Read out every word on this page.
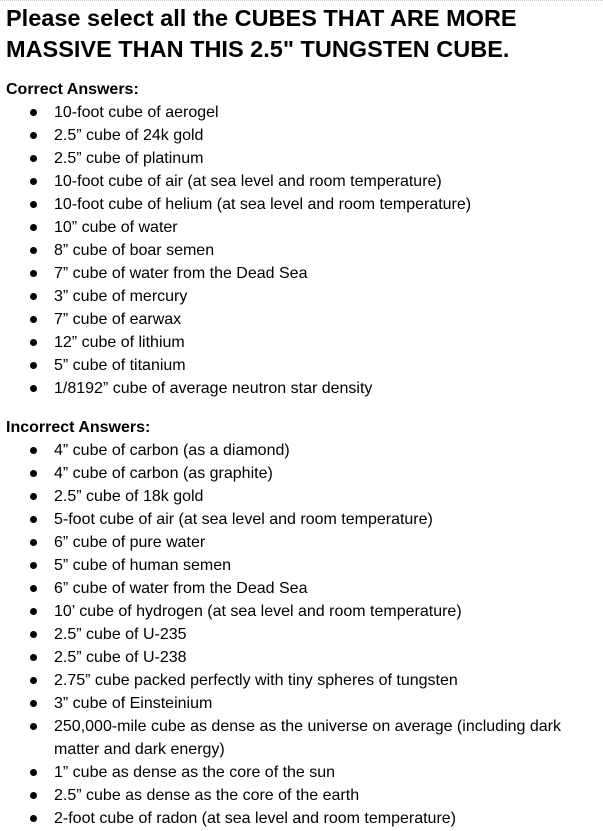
Please select all the CUBES THAT ARE MORE MASSIVE THAN THIS 2.5" TUNGSTEN CUBE.
Correct Answers:
10-foot cube of aerogel
2.5” cube of 24k gold
2.5” cube of platinum
10-foot cube of air (at sea level and room temperature)
10-foot cube of helium (at sea level and room temperature)
10” cube of water
8” cube of boar semen
7” cube of water from the Dead Sea
3” cube of mercury
7” cube of earwax
12” cube of lithium
5” cube of titanium
1/8192” cube of average neutron star density
Incorrect Answers:
4” cube of carbon (as a diamond)
4” cube of carbon (as graphite)
2.5” cube of 18k gold
5-foot cube of air (at sea level and room temperature)
6” cube of pure water
5” cube of human semen
6” cube of water from the Dead Sea
10’ cube of hydrogen (at sea level and room temperature)
2.5” cube of U-235
2.5” cube of U-238
2.75” cube packed perfectly with tiny spheres of tungsten
3” cube of Einsteinium
250,000-mile cube as dense as the universe on average (including dark matter and dark energy)
1” cube as dense as the core of the sun
2.5” cube as dense as the core of the earth
2-foot cube of radon (at sea level and room temperature)
